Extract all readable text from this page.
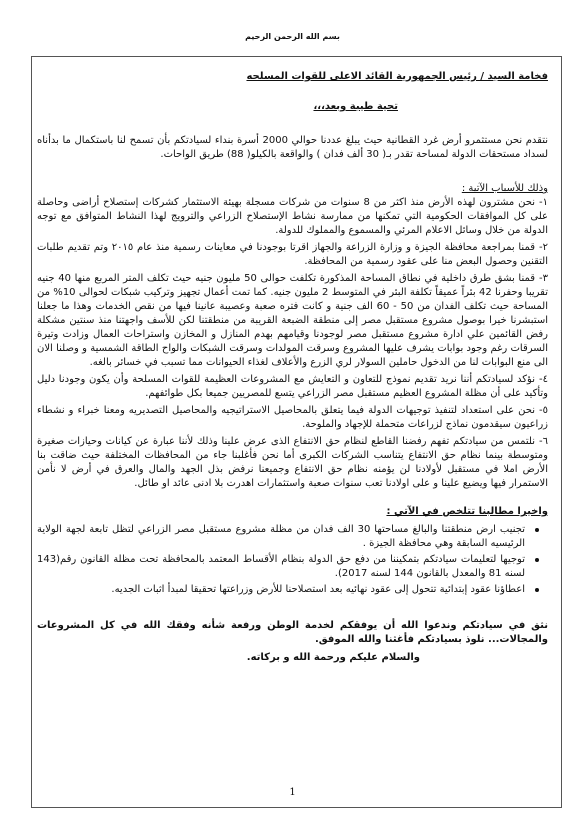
بسم الله الرحمن الرحيم

فخامة السيد / رئيس الجمهورية القائد الاعلى للقوات المسلحه

تحية طيبة وبعد،،،

نتقدم نحن مستثمرو أرض غرد القطانية حيث يبلغ عددنا حوالي 2000 أسرة بنداء لسيادتكم بأن تسمح لنا باستكمال ما بدأناه لسداد مستحقات الدولة لمساحة تقدر بـ( 30 ألف فدان ) والواقعة بالكيلو( 88) طريق الواحات.

وذلك للأسباب الآتية :

١-نحن مشترون لهذه الأرض منذ اكثر من 8 سنوات من شركات مسجلة بهيئة الاستثمار كشركات إستصلاح أراضى وحاصلة على كل الموافقات الحكومية التي تمكنها من ممارسة نشاط الإستصلاح الزراعي والترويج لهذا النشاط المتوافق مع توجه الدولة من خلال وسائل الاعلام المرئي والمسموع والمملوك للدولة.

٢-قمنا بمراجعة محافظة الجيزة و وزارة الزراعة والجهاز اقرتا بوجودنا في معاينات رسمية منذ عام ٢٠١٥ وتم تقديم طلبات التقنين وحصول البعض منا على عقود رسمية من المحافظة.

٣-قمنا بشق طرق داخلية في نطاق المساحة المذكورة تكلفت حوالى 50 مليون جنيه حيث تكلف المتر المربع منها 40 جنيه تقريبا وحفرنا 42 بئراً عميقاً تكلفة البئر في المتوسط 2 مليون جنيه. كما تمت أعمال تجهيز وتركيب شبكات لحوالى 10% من المساحة حيث تكلف الفدان من 50 - 60 الف جنية و كانت فتره صعبة وعصيبة عانينا فيها من نقص الخدمات وهذا ما جعلنا استبشرنا خيرا بوصول مشروع مستقبل مصر إلى منطقة الضبعة القريبة من منطقتنا لكن للأسف واجهتنا منذ سنتين مشكلة رفض القائمين علي ادارة مشروع مستقبل مصر لوجودنا وقيامهم بهدم المنازل و المخازن واستراحات العمال وزادت وتيرة السرقات رغم وجود بوابات يشرف عليها المشروع وسرقت المولدات وسرقت الشبكات والواح الطاقة الشمسية و وصلنا الان الى منع البوابات لنا من الدخول حاملين السولار لري الزرع والأعلاف لغذاء الحيوانات مما تسبب في خسائر بالغه.

٤-نؤكد لسيادتكم أننا نريد تقديم نموذج للتعاون و التعايش مع المشروعات العظيمة للقوات المسلحة وأن يكون وجودنا دليل وتأكيد على أن مظلة المشروع العظيم مستقبل مصر الزراعي يتسع للمصريين جميعا بكل طوائفهم.

٥-نحن على استعداد لتنفيذ توجيهات الدولة فيما يتعلق بالمحاصيل الاستراتيجيه والمحاصيل التصديريه ومعنا خبراء و نشطاء زراعيون سيقدمون نماذج لزراعات متحملة للإجهاد والملوحة.

٦-نلتمس من سيادتكم تفهم رفضنا القاطع لنظام حق الانتفاع الذى عرض علينا وذلك لأننا عبارة عن كيانات وحيازات صغيرة ومتوسطة بينما نظام حق الانتفاع يتناسب الشركات الكبرى أما نحن فأغلبنا جاء من المحافظات المختلفة حيث ضاقت بنا الأرض املا في مستقبل لأولادنا لن يؤمنه نظام حق الانتفاع وجميعنا نرفض بذل الجهد والمال والعرق في أرض لا نأمن الاستمرار فيها ويضيع علينا و على اولادنا تعب سنوات صعبة واستثمارات اهدرت بلا ادنى عائد او طائل.

واخيرا مطالبنا تتلخص في الآتي :

تجنيب ارض منطقتنا والبالغ مساحتها 30 الف فدان من مظلة مشروع مستقبل مصر الزراعي لتظل تابعة لجهة الولاية الرئيسيه السابقة وهي محافظة الجيزة .
توجيها لتعليمات سيادتكم بتمكيننا من دفع حق الدولة بنظام الأقساط المعتمد بالمحافظة تحت مظلة القانون رقم(143 لسنه 81 والمعدل بالقانون 144 لسنه 2017).
اعطاؤنا عقود إبتدائية تتحول إلى عقود نهائيه بعد استصلاحنا للأرض وزراعتها تحقيقا لمبدأ اثبات الجديه.

نثق في سيادتكم وندعوا الله أن يوفقكم لخدمة الوطن ورفعة شأنه وفقك الله في كل المشروعات والمجالات... نلوذ بسيادتكم فأغثنا والله الموفق.

والسلام عليكم ورحمة الله و بركاته.

1
